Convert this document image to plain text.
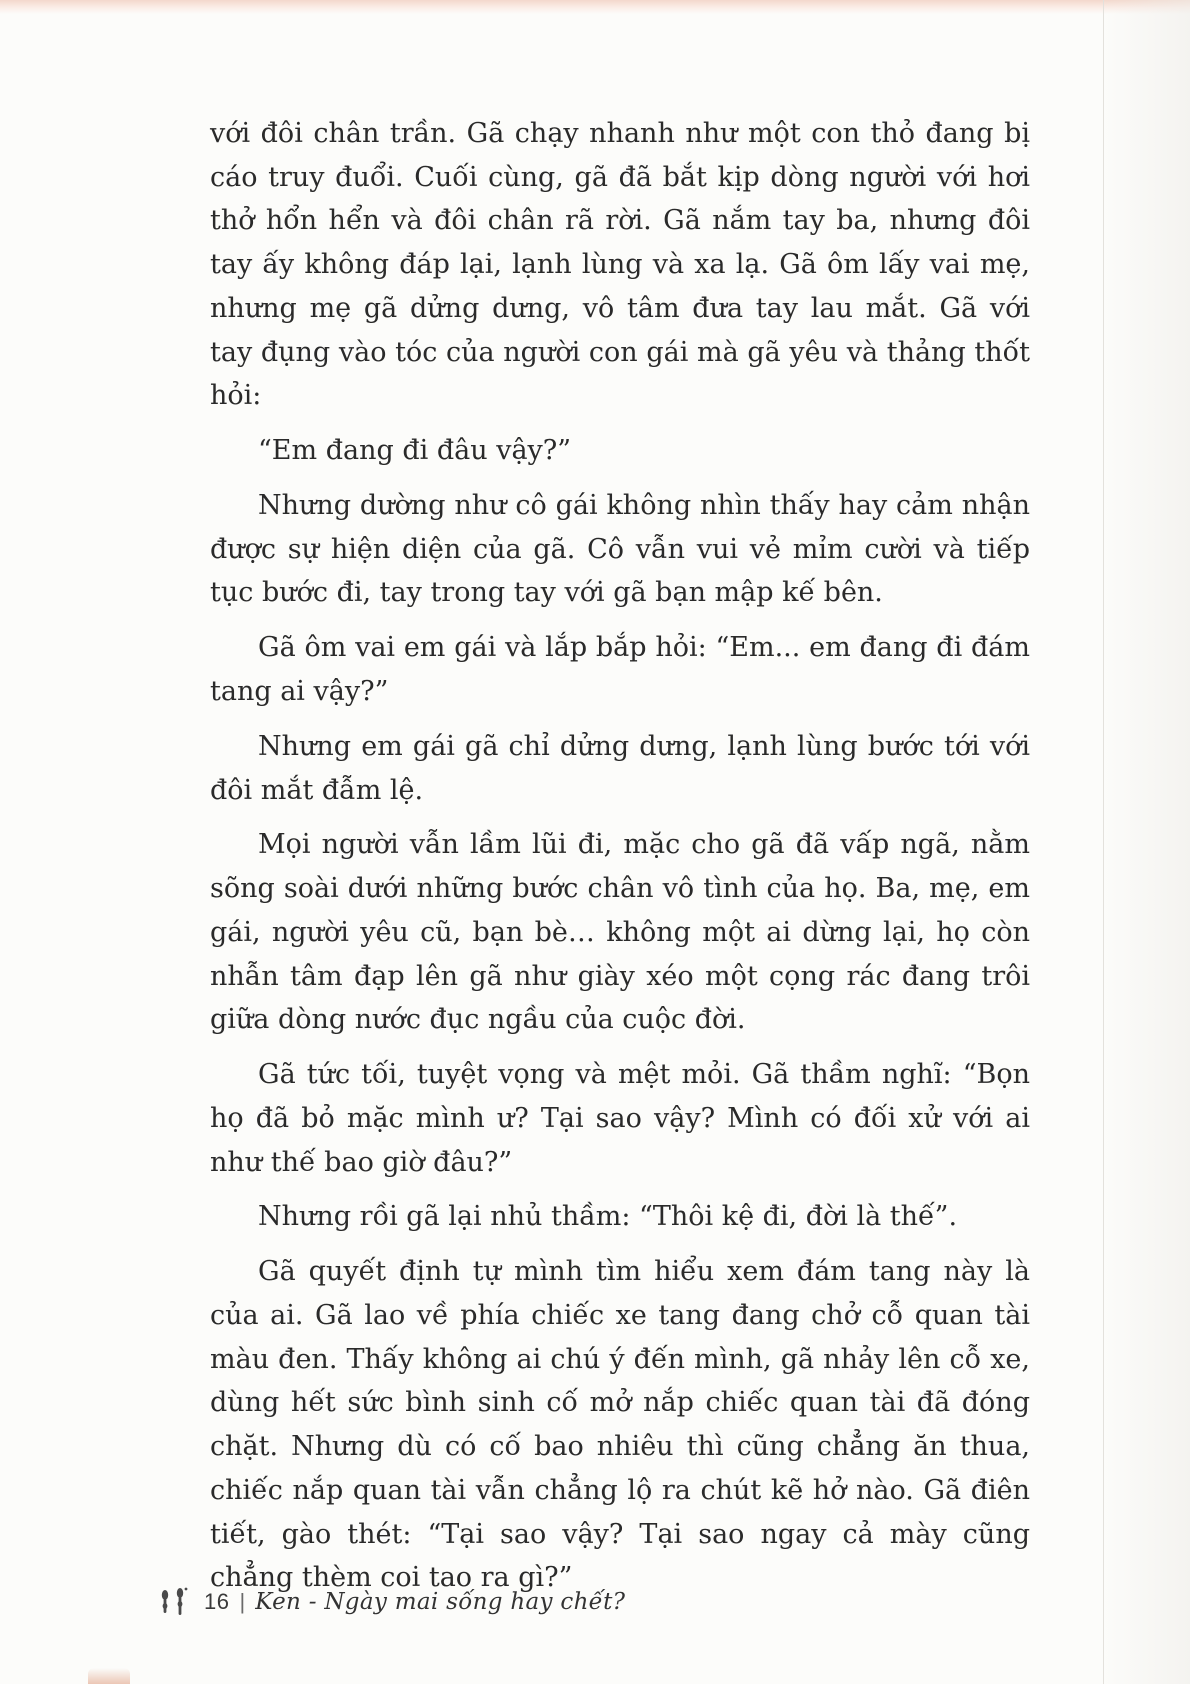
với đôi chân trần. Gã chạy nhanh như một con thỏ đang bị cáo truy đuổi. Cuối cùng, gã đã bắt kịp dòng người với hơi thở hổn hển và đôi chân rã rời. Gã nắm tay ba, nhưng đôi tay ấy không đáp lại, lạnh lùng và xa lạ. Gã ôm lấy vai mẹ, nhưng mẹ gã dửng dưng, vô tâm đưa tay lau mắt. Gã với tay đụng vào tóc của người con gái mà gã yêu và thảng thốt hỏi:

“Em đang đi đâu vậy?”

Nhưng dường như cô gái không nhìn thấy hay cảm nhận được sự hiện diện của gã. Cô vẫn vui vẻ mỉm cười và tiếp tục bước đi, tay trong tay với gã bạn mập kế bên.

Gã ôm vai em gái và lắp bắp hỏi: “Em... em đang đi đám tang ai vậy?”

Nhưng em gái gã chỉ dửng dưng, lạnh lùng bước tới với đôi mắt đẫm lệ.

Mọi người vẫn lầm lũi đi, mặc cho gã đã vấp ngã, nằm sõng soài dưới những bước chân vô tình của họ. Ba, mẹ, em gái, người yêu cũ, bạn bè… không một ai dừng lại, họ còn nhẫn tâm đạp lên gã như giày xéo một cọng rác đang trôi giữa dòng nước đục ngầu của cuộc đời.

Gã tức tối, tuyệt vọng và mệt mỏi. Gã thầm nghĩ: “Bọn họ đã bỏ mặc mình ư? Tại sao vậy? Mình có đối xử với ai như thế bao giờ đâu?”

Nhưng rồi gã lại nhủ thầm: “Thôi kệ đi, đời là thế”.

Gã quyết định tự mình tìm hiểu xem đám tang này là của ai. Gã lao về phía chiếc xe tang đang chở cỗ quan tài màu đen. Thấy không ai chú ý đến mình, gã nhảy lên cỗ xe, dùng hết sức bình sinh cố mở nắp chiếc quan tài đã đóng chặt. Nhưng dù có cố bao nhiêu thì cũng chẳng ăn thua, chiếc nắp quan tài vẫn chẳng lộ ra chút kẽ hở nào. Gã điên tiết, gào thét: “Tại sao vậy? Tại sao ngay cả mày cũng chẳng thèm coi tao ra gì?”

16 | Ken - Ngày mai sống hay chết?
